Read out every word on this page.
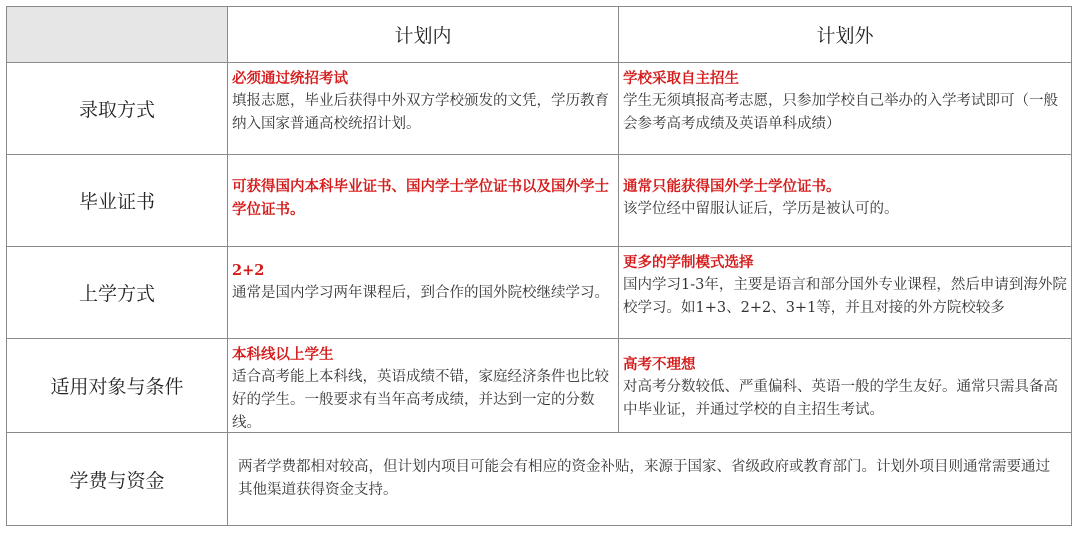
计划内	计划外
录取方式
必须通过统招考试
填报志愿，毕业后获得中外双方学校颁发的文凭，学历教育纳入国家普通高校统招计划。
学校采取自主招生
学生无须填报高考志愿，只参加学校自己举办的入学考试即可（一般会参考高考成绩及英语单科成绩）
毕业证书
可获得国内本科毕业证书、国内学士学位证书以及国外学士学位证书。
通常只能获得国外学士学位证书。
该学位经中留服认证后，学历是被认可的。
上学方式
2+2
通常是国内学习两年课程后，到合作的国外院校继续学习。
更多的学制模式选择
国内学习1-3年，主要是语言和部分国外专业课程，然后申请到海外院校学习。如1+3、2+2、3+1等，并且对接的外方院校较多
适用对象与条件
本科线以上学生
适合高考能上本科线，英语成绩不错，家庭经济条件也比较好的学生。一般要求有当年高考成绩，并达到一定的分数线。
高考不理想
对高考分数较低、严重偏科、英语一般的学生友好。通常只需具备高中毕业证，并通过学校的自主招生考试。
学费与资金
两者学费都相对较高，但计划内项目可能会有相应的资金补贴，来源于国家、省级政府或教育部门。计划外项目则通常需要通过其他渠道获得资金支持。
